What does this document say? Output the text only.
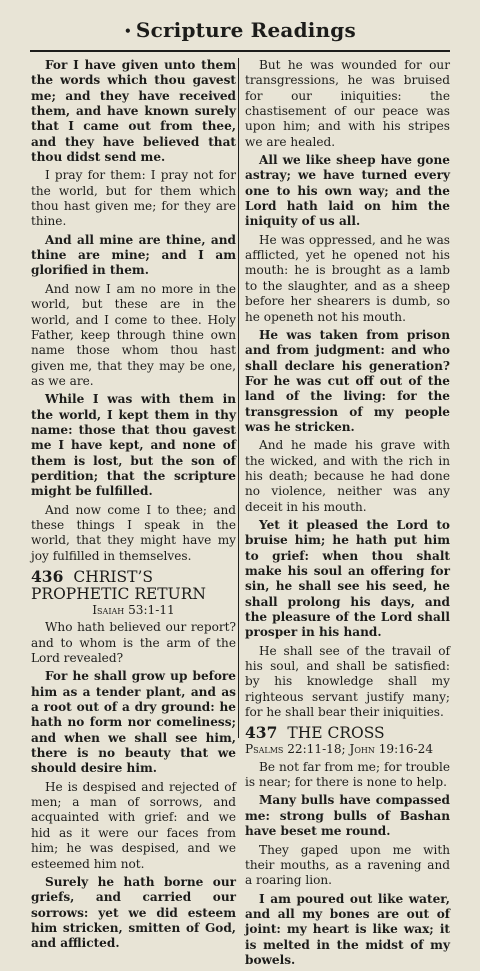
• Scripture Readings

For I have given unto them the words which thou gavest me; and they have received them, and have known surely that I came out from thee, and they have believed that thou didst send me.

I pray for them: I pray not for the world, but for them which thou hast given me; for they are thine.

And all mine are thine, and thine are mine; and I am glorified in them.

And now I am no more in the world, but these are in the world, and I come to thee. Holy Father, keep through thine own name those whom thou hast given me, that they may be one, as we are.

While I was with them in the world, I kept them in thy name: those that thou gavest me I have kept, and none of them is lost, but the son of perdition; that the scripture might be fulfilled.

And now come I to thee; and these things I speak in the world, that they might have my joy fulfilled in themselves.

436 CHRIST’S
PROPHETIC RETURN
Isaiah 53:1-11

Who hath believed our report? and to whom is the arm of the Lord revealed?

For he shall grow up before him as a tender plant, and as a root out of a dry ground: he hath no form nor comeliness; and when we shall see him, there is no beauty that we should desire him.

He is despised and rejected of men; a man of sorrows, and acquainted with grief: and we hid as it were our faces from him; he was despised, and we esteemed him not.

Surely he hath borne our griefs, and carried our sorrows: yet we did esteem him stricken, smitten of God, and afflicted.

But he was wounded for our transgressions, he was bruised for our iniquities: the chastisement of our peace was upon him; and with his stripes we are healed.

All we like sheep have gone astray; we have turned every one to his own way; and the Lord hath laid on him the iniquity of us all.

He was oppressed, and he was afflicted, yet he opened not his mouth: he is brought as a lamb to the slaughter, and as a sheep before her shearers is dumb, so he openeth not his mouth.

He was taken from prison and from judgment: and who shall declare his generation? For he was cut off out of the land of the living: for the transgression of my people was he stricken.

And he made his grave with the wicked, and with the rich in his death; because he had done no violence, neither was any deceit in his mouth.

Yet it pleased the Lord to bruise him; he hath put him to grief: when thou shalt make his soul an offering for sin, he shall see his seed, he shall prolong his days, and the pleasure of the Lord shall prosper in his hand.

He shall see of the travail of his soul, and shall be satisfied: by his knowledge shall my righteous servant justify many; for he shall bear their iniquities.

437 THE CROSS
Psalms 22:11-18; John 19:16-24

Be not far from me; for trouble is near; for there is none to help.

Many bulls have compassed me: strong bulls of Bashan have beset me round.

They gaped upon me with their mouths, as a ravening and a roaring lion.

I am poured out like water, and all my bones are out of joint: my heart is like wax; it is melted in the midst of my bowels.
